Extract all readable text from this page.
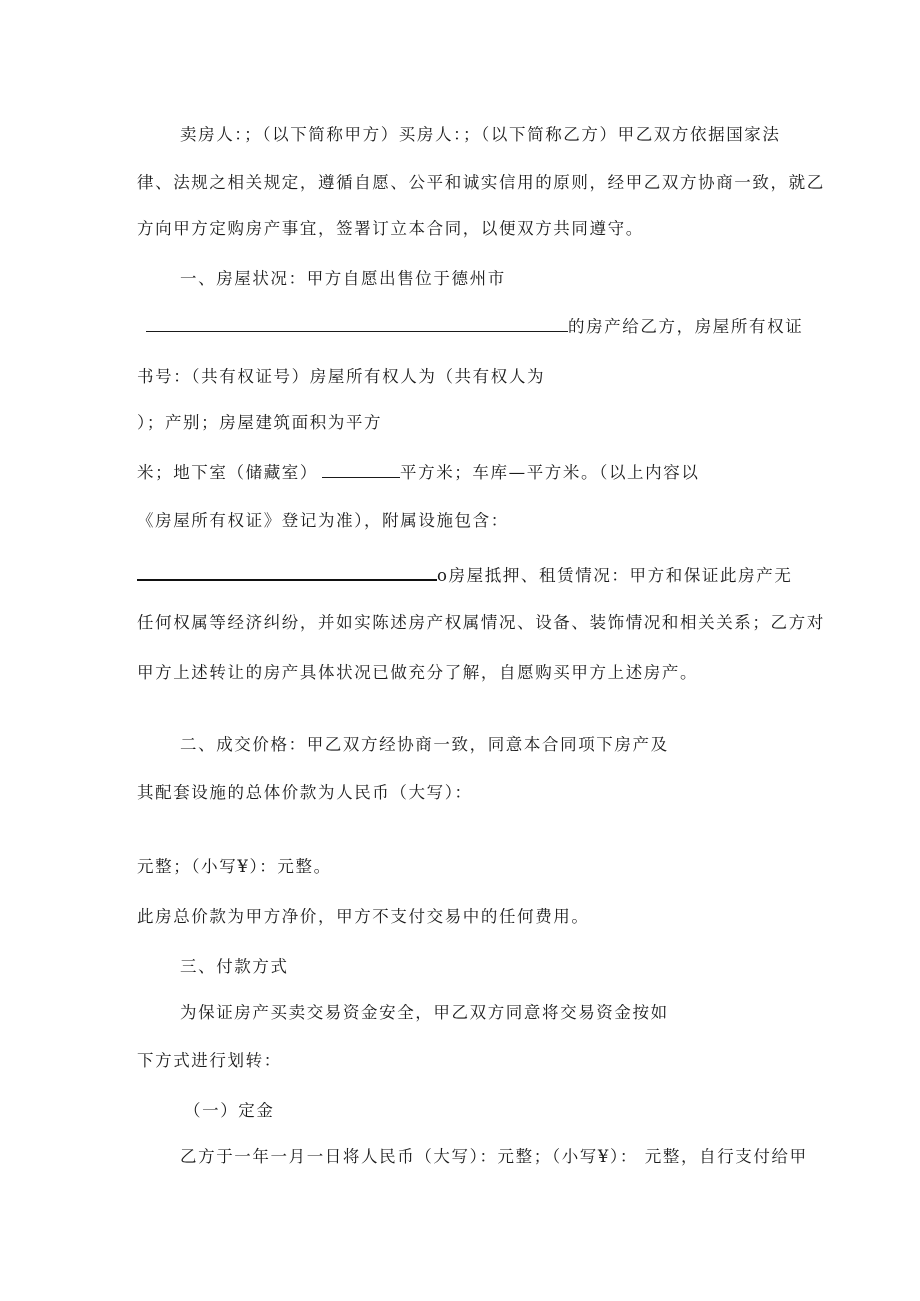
卖房人：；（以下简称甲方）买房人：；（以下简称乙方）甲乙双方依据国家法
律、法规之相关规定，遵循自愿、公平和诚实信用的原则，经甲乙双方协商一致，就乙
方向甲方定购房产事宜，签署订立本合同，以便双方共同遵守。
一、房屋状况：甲方自愿出售位于德州市
的房产给乙方，房屋所有权证
书号：（共有权证号）房屋所有权人为（共有权人为
）；产别；房屋建筑面积为平方
米；地下室（储藏室）	平方米；车库—平方米。（以上内容以
《房屋所有权证》登记为准），附属设施包含：
o房屋抵押、租赁情况：甲方和保证此房产无
任何权属等经济纠纷，并如实陈述房产权属情况、设备、装饰情况和相关关系；乙方对
甲方上述转让的房产具体状况已做充分了解，自愿购买甲方上述房产。
二、成交价格：甲乙双方经协商一致，同意本合同项下房产及
其配套设施的总体价款为人民币（大写）：
元整；（小写¥）：元整。
此房总价款为甲方净价，甲方不支付交易中的任何费用。
三、付款方式
为保证房产买卖交易资金安全，甲乙双方同意将交易资金按如
下方式进行划转：
（一）定金
乙方于一年一月一日将人民币（大写）：元整；（小写¥）： 元整，自行支付给甲
